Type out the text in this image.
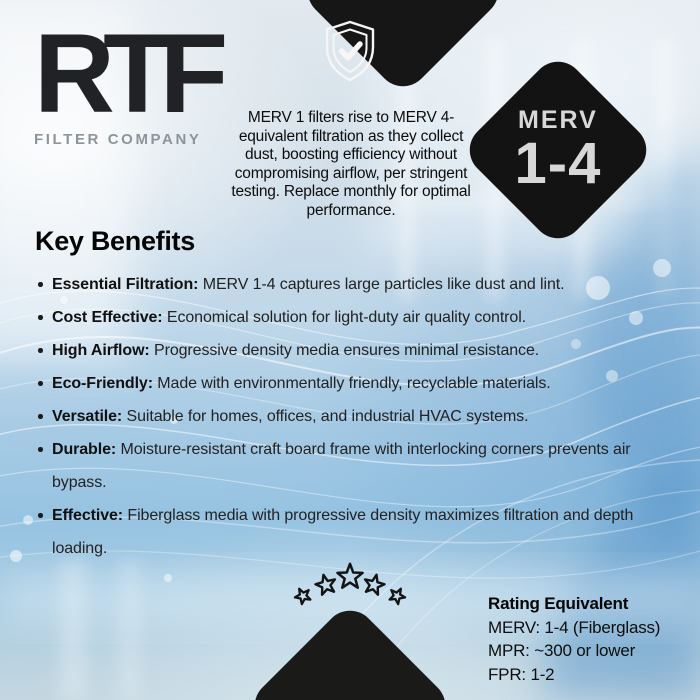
RTF
FILTER COMPANY
MERV 1 filters rise to MERV 4-equivalent filtration as they collect dust, boosting efficiency without compromising airflow, per stringent testing. Replace monthly for optimal performance.
MERV
1-4
Key Benefits
Essential Filtration: MERV 1-4 captures large particles like dust and lint.
Cost Effective: Economical solution for light-duty air quality control.
High Airflow: Progressive density media ensures minimal resistance.
Eco-Friendly: Made with environmentally friendly, recyclable materials.
Versatile: Suitable for homes, offices, and industrial HVAC systems.
Durable: Moisture-resistant craft board frame with interlocking corners prevents air bypass.
Effective: Fiberglass media with progressive density maximizes filtration and depth loading.
Rating Equivalent
MERV: 1-4 (Fiberglass)
MPR: ~300 or lower
FPR: 1-2
